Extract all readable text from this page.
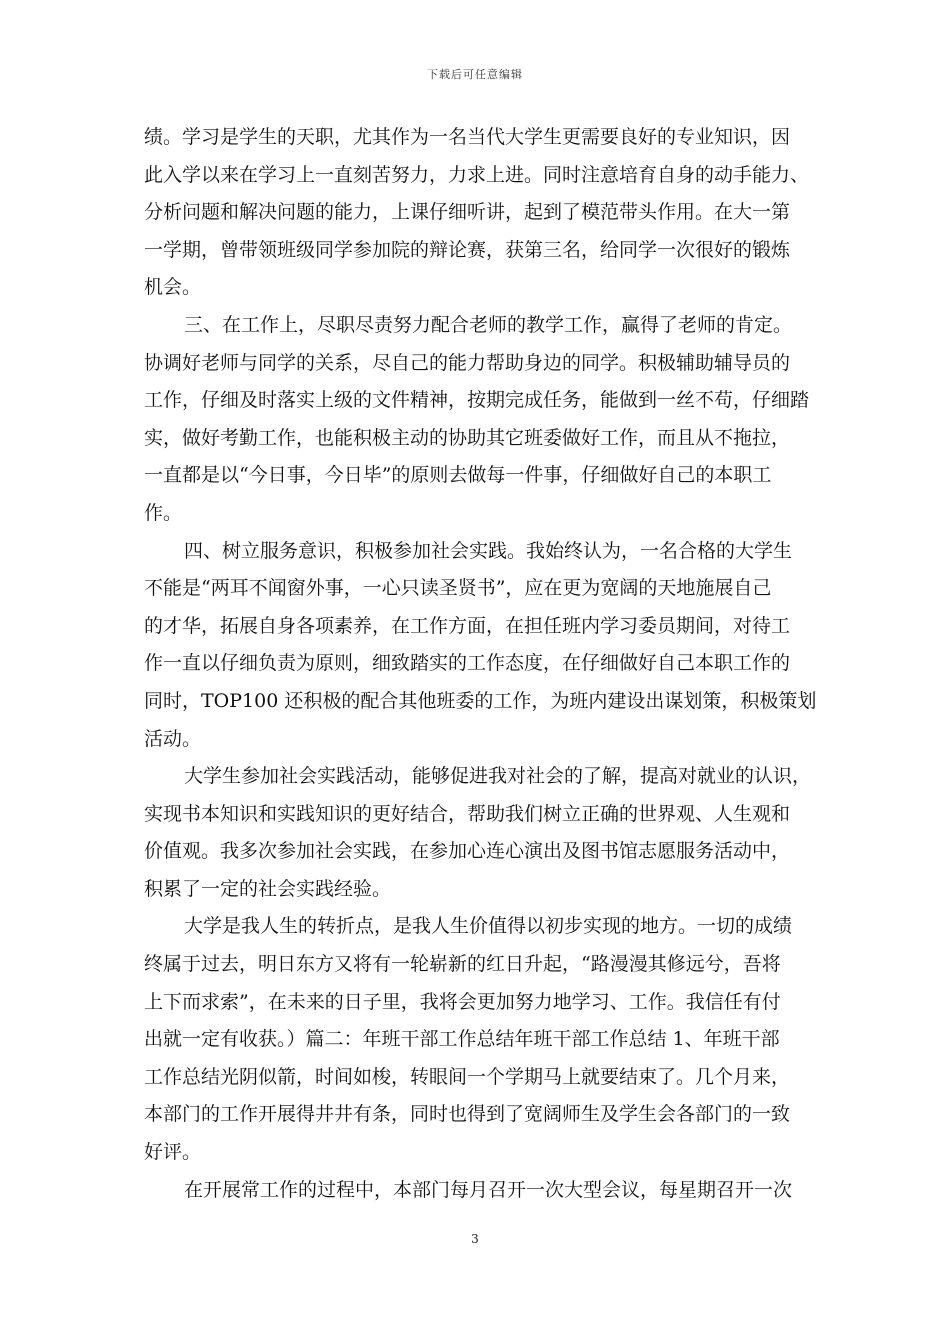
下载后可任意编辑
绩。学习是学生的天职，尤其作为一名当代大学生更需要良好的专业知识，因
此入学以来在学习上一直刻苦努力，力求上进。同时注意培育自身的动手能力、
分析问题和解决问题的能力，上课仔细听讲，起到了模范带头作用。在大一第
一学期，曾带领班级同学参加院的辩论赛，获第三名，给同学一次很好的锻炼
机会。
三、在工作上，尽职尽责努力配合老师的教学工作，赢得了老师的肯定。
协调好老师与同学的关系，尽自己的能力帮助身边的同学。积极辅助辅导员的
工作，仔细及时落实上级的文件精神，按期完成任务，能做到一丝不苟，仔细踏
实，做好考勤工作，也能积极主动的协助其它班委做好工作，而且从不拖拉，
一直都是以“今日事，今日毕”的原则去做每一件事，仔细做好自己的本职工
作。
四、树立服务意识，积极参加社会实践。我始终认为，一名合格的大学生
不能是“两耳不闻窗外事，一心只读圣贤书”，应在更为宽阔的天地施展自己
的才华，拓展自身各项素养，在工作方面，在担任班内学习委员期间，对待工
作一直以仔细负责为原则，细致踏实的工作态度，在仔细做好自己本职工作的
同时，TOP100 还积极的配合其他班委的工作，为班内建设出谋划策，积极策划
活动。
大学生参加社会实践活动，能够促进我对社会的了解，提高对就业的认识，
实现书本知识和实践知识的更好结合，帮助我们树立正确的世界观、人生观和
价值观。我多次参加社会实践，在参加心连心演出及图书馆志愿服务活动中，
积累了一定的社会实践经验。
大学是我人生的转折点，是我人生价值得以初步实现的地方。一切的成绩
终属于过去，明日东方又将有一轮崭新的红日升起，“路漫漫其修远兮，吾将
上下而求索”，在未来的日子里，我将会更加努力地学习、工作。我信任有付
出就一定有收获。）篇二：年班干部工作总结年班干部工作总结 1、年班干部
工作总结光阴似箭，时间如梭，转眼间一个学期马上就要结束了。几个月来，
本部门的工作开展得井井有条，同时也得到了宽阔师生及学生会各部门的一致
好评。
在开展常工作的过程中，本部门每月召开一次大型会议，每星期召开一次
3
